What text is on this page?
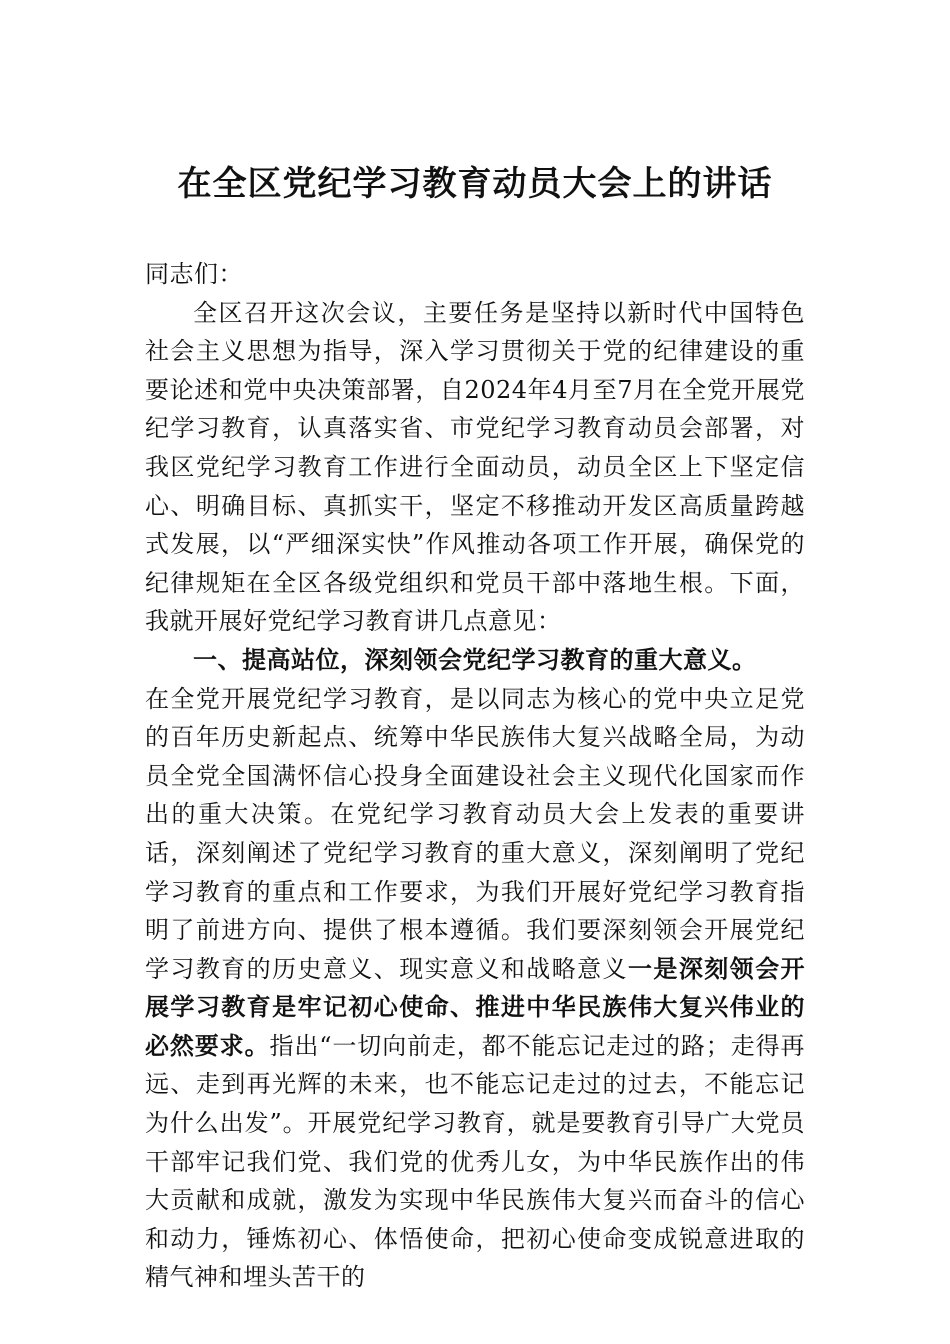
在全区党纪学习教育动员大会上的讲话

同志们：

全区召开这次会议，主要任务是坚持以新时代中国特色社会主义思想为指导，深入学习贯彻关于党的纪律建设的重要论述和党中央决策部署，自2024年4月至7月在全党开展党纪学习教育，认真落实省、市党纪学习教育动员会部署，对我区党纪学习教育工作进行全面动员，动员全区上下坚定信心、明确目标、真抓实干，坚定不移推动开发区高质量跨越式发展，以“严细深实快”作风推动各项工作开展，确保党的纪律规矩在全区各级党组织和党员干部中落地生根。下面，我就开展好党纪学习教育讲几点意见：

一、提高站位，深刻领会党纪学习教育的重大意义。

在全党开展党纪学习教育，是以同志为核心的党中央立足党的百年历史新起点、统筹中华民族伟大复兴战略全局，为动员全党全国满怀信心投身全面建设社会主义现代化国家而作出的重大决策。在党纪学习教育动员大会上发表的重要讲话，深刻阐述了党纪学习教育的重大意义，深刻阐明了党纪学习教育的重点和工作要求，为我们开展好党纪学习教育指明了前进方向、提供了根本遵循。我们要深刻领会开展党纪学习教育的历史意义、现实意义和战略意义一是深刻领会开展学习教育是牢记初心使命、推进中华民族伟大复兴伟业的必然要求。指出“一切向前走，都不能忘记走过的路；走得再远、走到再光辉的未来，也不能忘记走过的过去，不能忘记为什么出发”。开展党纪学习教育，就是要教育引导广大党员干部牢记我们党、我们党的优秀儿女，为中华民族作出的伟大贡献和成就，激发为实现中华民族伟大复兴而奋斗的信心和动力，锤炼初心、体悟使命，把初心使命变成锐意进取的精气神和埋头苦干的
